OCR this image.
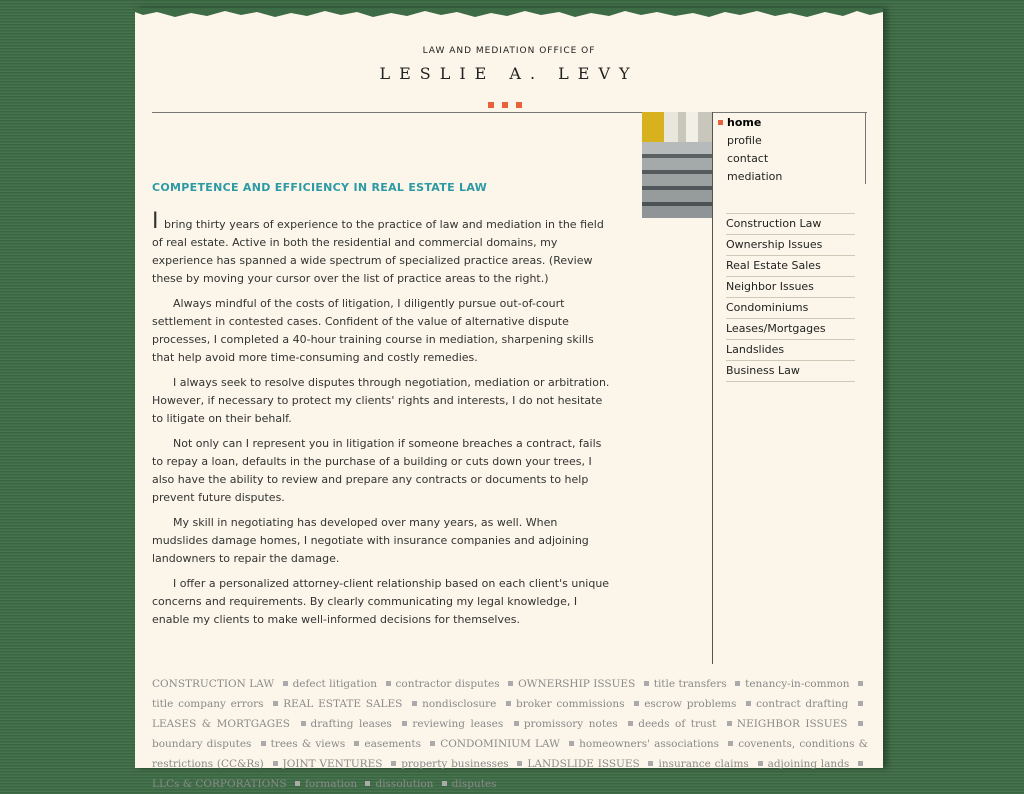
LAW AND MEDIATION OFFICE OF
LESLIE A. LEVY
home
profile
contact
mediation
Construction Law
Ownership Issues
Real Estate Sales
Neighbor Issues
Condominiums
Leases/Mortgages
Landslides
Business Law
COMPETENCE AND EFFICIENCY IN REAL ESTATE LAW

I bring thirty years of experience to the practice of law and mediation in the field of real estate. Active in both the residential and commercial domains, my experience has spanned a wide spectrum of specialized practice areas. (Review these by moving your cursor over the list of practice areas to the right.)

Always mindful of the costs of litigation, I diligently pursue out-of-court settlement in contested cases. Confident of the value of alternative dispute processes, I completed a 40-hour training course in mediation, sharpening skills that help avoid more time-consuming and costly remedies.

I always seek to resolve disputes through negotiation, mediation or arbitration. However, if necessary to protect my clients' rights and interests, I do not hesitate to litigate on their behalf.

Not only can I represent you in litigation if someone breaches a contract, fails to repay a loan, defaults in the purchase of a building or cuts down your trees, I also have the ability to review and prepare any contracts or documents to help prevent future disputes.

My skill in negotiating has developed over many years, as well. When mudslides damage homes, I negotiate with insurance companies and adjoining landowners to repair the damage.

I offer a personalized attorney-client relationship based on each client's unique concerns and requirements. By clearly communicating my legal knowledge, I enable my clients to make well-informed decisions for themselves.

CONSTRUCTION LAW defect litigation contractor disputes OWNERSHIP ISSUES title transfers tenancy-in-common title company errors REAL ESTATE SALES nondisclosure broker commissions escrow problems contract drafting LEASES & MORTGAGES drafting leases reviewing leases promissory notes deeds of trust NEIGHBOR ISSUES boundary disputes trees & views easements CONDOMINIUM LAW homeowners' associations covenents, conditions & restrictions (CC&Rs) JOINT VENTURES property businesses LANDSLIDE ISSUES insurance claims adjoining lands LLCs & CORPORATIONS formation dissolution disputes
